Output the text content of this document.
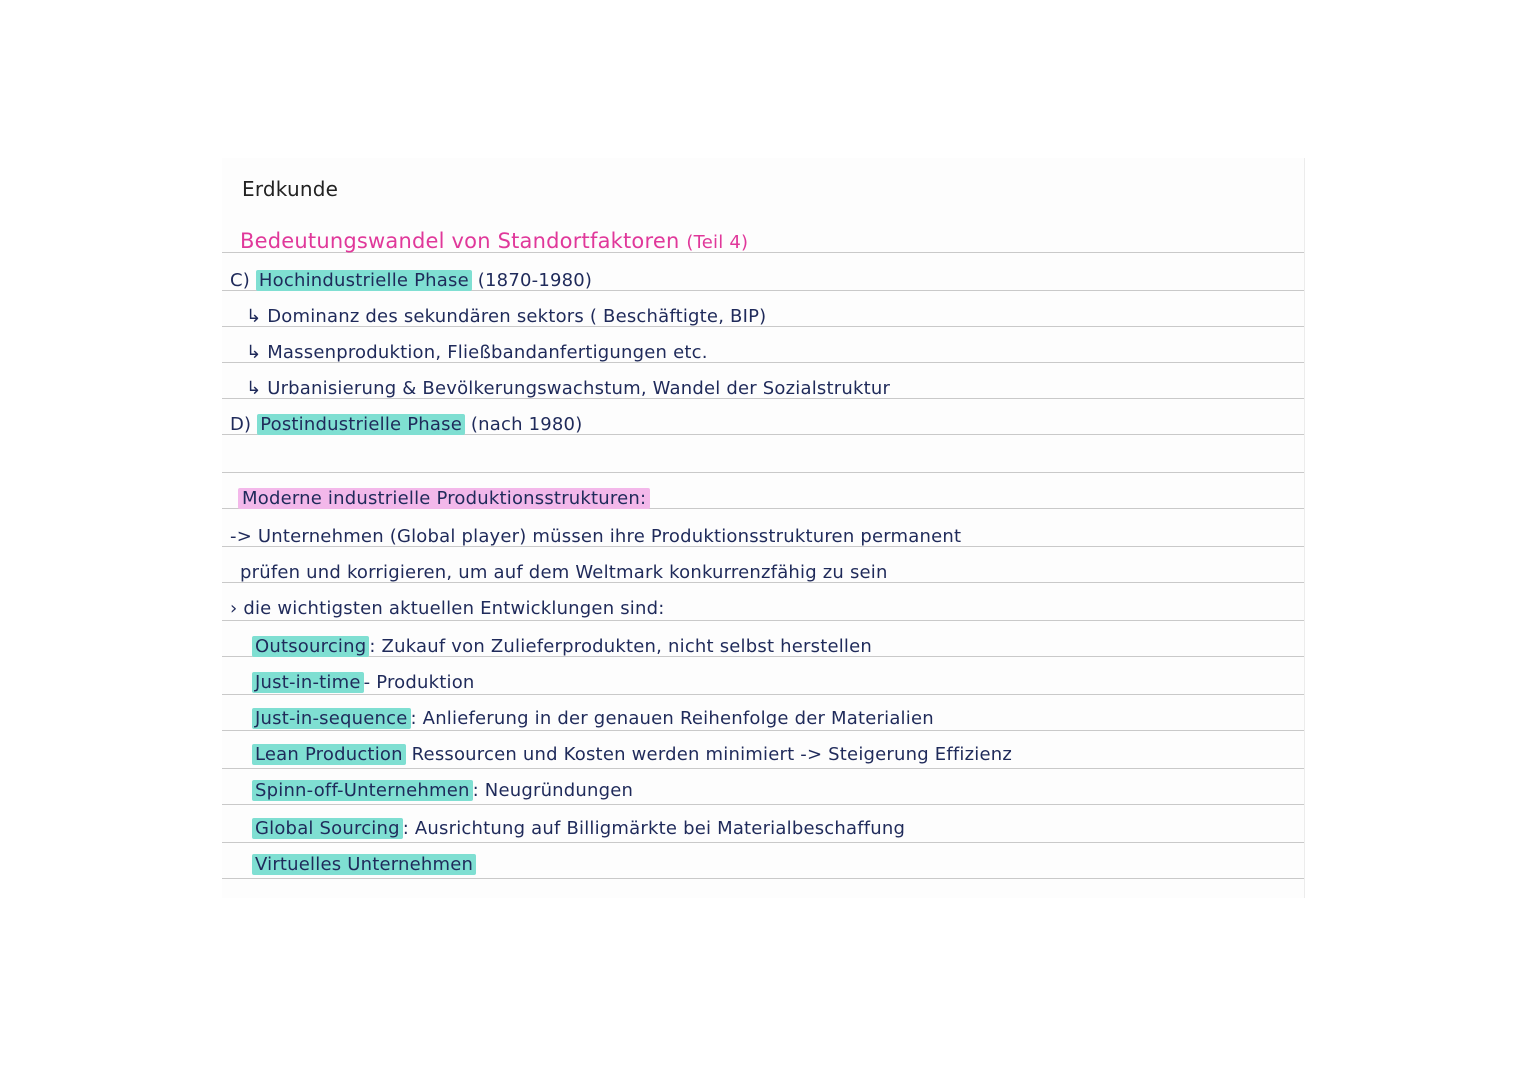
Erdkunde
Bedeutungswandel von Standortfaktoren (Teil 4)
C) Hochindustrielle Phase (1870-1980)
↳ Dominanz des sekundären sektors ( Beschäftigte, BIP)
↳ Massenproduktion, Fließbandanfertigungen etc.
↳ Urbanisierung & Bevölkerungswachstum, Wandel der Sozialstruktur
D) Postindustrielle Phase (nach 1980)
Moderne industrielle Produktionsstrukturen:
-> Unternehmen (Global player) müssen ihre Produktionsstrukturen permanent
prüfen und korrigieren, um auf dem Weltmark konkurrenzfähig zu sein
› die wichtigsten aktuellen Entwicklungen sind:
Outsourcing : Zukauf von Zulieferprodukten, nicht selbst herstellen
Just-in-time - Produktion
Just-in-sequence : Anlieferung in der genauen Reihenfolge der Materialien
Lean Production Ressourcen und Kosten werden minimiert -> Steigerung Effizienz
Spinn-off-Unternehmen : Neugründungen
Global Sourcing : Ausrichtung auf Billigmärkte bei Materialbeschaffung
Virtuelles Unternehmen
